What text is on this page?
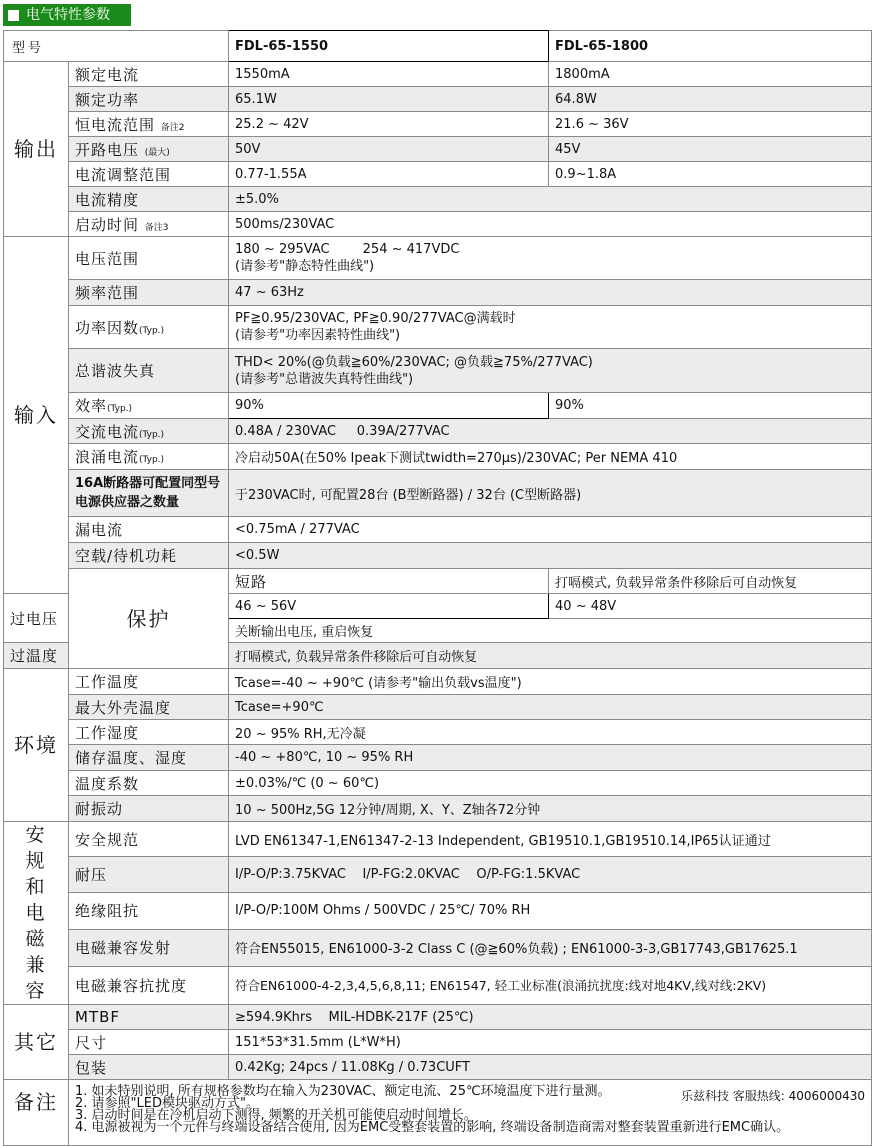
电气特性参数
型号		FDL-65-1550	FDL-65-1800
输出	额定电流	1550mA	1800mA
	额定功率	65.1W	64.8W
	恒电流范围 备注2	25.2 ~ 42V	21.6 ~ 36V
	开路电压 (最大)	50V	45V
	电流调整范围	0.77-1.55A	0.9~1.8A
	电流精度	±5.0%	
	启动时间 备注3	500ms/230VAC	
输入	电压范围	180 ~ 295VAC        254 ~ 417VDC
(请参考"静态特性曲线")	

	频率范围	47 ~ 63Hz	
	功率因数(Typ.)	PF≧0.95/230VAC, PF≧0.90/277VAC@满载时
(请参考"功率因素特性曲线")	

	总谐波失真	THD< 20%(@负载≧60%/230VAC; @负载≧75%/277VAC)
(请参考"总谐波失真特性曲线")	

	效率(Typ.)	90%	90%
	交流电流(Typ.)	0.48A / 230VAC     0.39A/277VAC	
	浪涌电流(Typ.)	冷启动50A(在50% Ipeak下测试twidth=270μs)/230VAC; Per NEMA 410	
	16A断路器可配置同型号电源供应器之数量	于230VAC时, 可配置28台 (B型断路器) / 32台 (C型断路器)	
	漏电流	<0.75mA / 277VAC	
	空载/待机功耗	<0.5W	
	保护	短路	打嗝模式, 负载异常条件移除后可自动恢复
过电压		46 ~ 56V	40 ~ 48V
		关断输出电压, 重启恢复	
过温度		打嗝模式, 负载异常条件移除后可自动恢复	
环境	工作温度	Tcase=-40 ~ +90℃ (请参考"输出负载vs温度")	
	最大外壳温度	Tcase=+90℃	
	工作湿度	20 ~ 95% RH,无冷凝	
	储存温度、湿度	-40 ~ +80℃, 10 ~ 95% RH	
	温度系数	±0.03%/℃ (0 ~ 60℃)	
	耐振动	10 ~ 500Hz,5G 12分钟/周期, X、Y、Z轴各72分钟	
安规和电磁兼容	安全规范	LVD EN61347-1,EN61347-2-13 Independent, GB19510.1,GB19510.14,IP65认证通过	
	耐压	I/P-O/P:3.75KVAC    I/P-FG:2.0KVAC    O/P-FG:1.5KVAC	
	绝缘阻抗	I/P-O/P:100M Ohms / 500VDC / 25℃/ 70% RH	
	电磁兼容发射	符合EN55015, EN61000-3-2 Class C (@≧60%负载) ; EN61000-3-3,GB17743,GB17625.1	
	电磁兼容抗扰度	符合EN61000-4-2,3,4,5,6,8,11; EN61547, 轻工业标准(浪涌抗扰度:线对地4KV,线对线:2KV)	
其它	MTBF	≥594.9Khrs    MIL-HDBK-217F (25℃)	
	尺寸	151*53*31.5mm (L*W*H)	
	包装	0.42Kg; 24pcs / 11.08Kg / 0.73CUFT	
备注	1. 如未特别说明, 所有规格参数均在输入为230VAC、额定电流、25℃环境温度下进行量测。
2. 请参照"LED模块驱动方式"。
3. 启动时间是在冷机启动下测得, 频繁的开关机可能使启动时间增长。
4. 电源被视为一个元件与终端设备结合使用, 因为EMC受整套装置的影响, 终端设备制造商需对整套装置重新进行EMC确认。
乐兹科技 客服热线: 4006000430		
